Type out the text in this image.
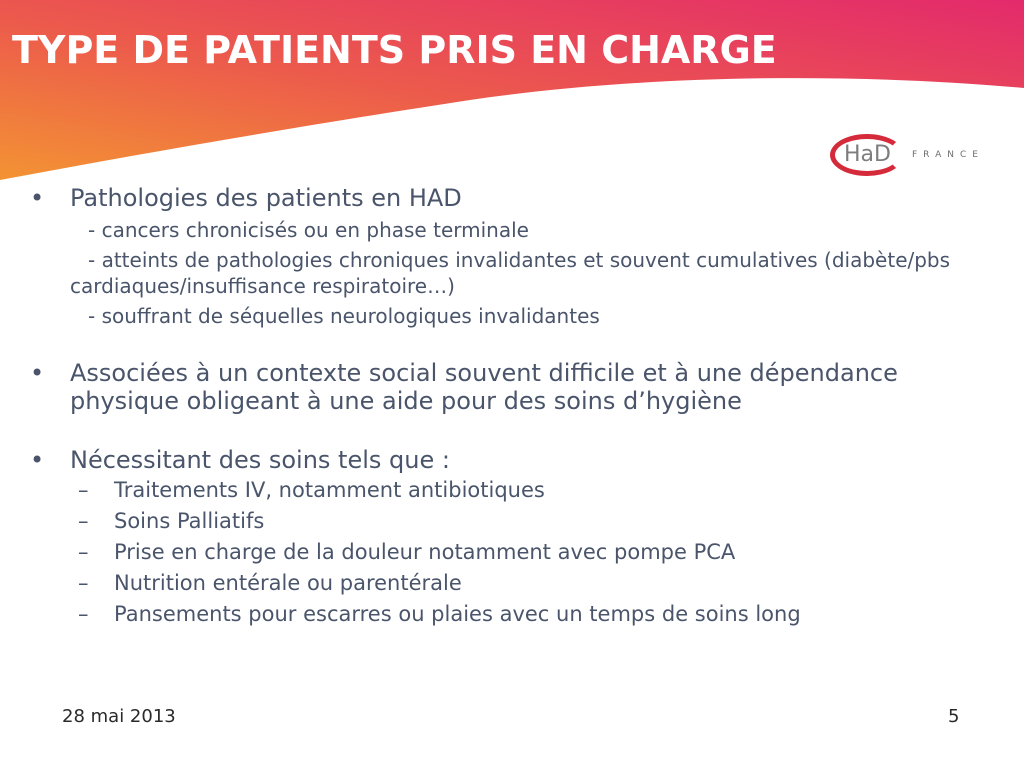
TYPE DE PATIENTS PRIS EN CHARGE
HaD FRANCE
•	Pathologies des patients en HAD
- cancers chronicisés ou en phase terminale
- atteints de pathologies chroniques invalidantes et souvent cumulatives (diabète/pbs cardiaques/insuffisance respiratoire…)
- souffrant de séquelles neurologiques invalidantes
•	Associées à un contexte social souvent difficile et à une dépendance physique obligeant à une aide pour des soins d’hygiène
•	Nécessitant des soins tels que :
– Traitements IV, notamment antibiotiques
– Soins Palliatifs
– Prise en charge de la douleur notamment avec pompe PCA
– Nutrition entérale ou parentérale
– Pansements pour escarres ou plaies avec un temps de soins long
28 mai 2013	5
